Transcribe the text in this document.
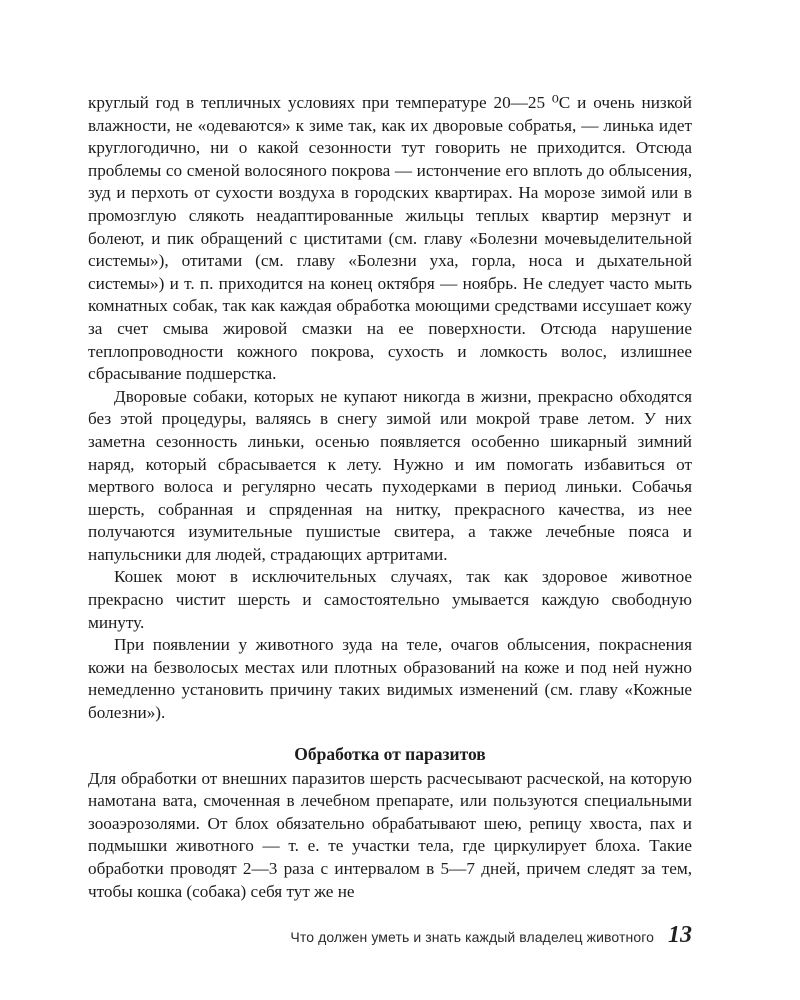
круглый год в тепличных условиях при температуре 20—25 ⁰С и очень низкой влажности, не «одеваются» к зиме так, как их дворовые собратья, — линька идет круглогодично, ни о какой сезонности тут говорить не приходится. Отсюда проблемы со сменой волосяного покрова — истончение его вплоть до облысения, зуд и перхоть от сухости воздуха в городских квартирах. На морозе зимой или в промозглую слякоть неадаптированные жильцы теплых квартир мерзнут и болеют, и пик обращений с циститами (см. главу «Болезни мочевыделительной системы»), отитами (см. главу «Болезни уха, горла, носа и дыхательной системы») и т. п. приходится на конец октября — ноябрь. Не следует часто мыть комнатных собак, так как каждая обработка моющими средствами иссушает кожу за счет смыва жировой смазки на ее поверхности. Отсюда нарушение теплопроводности кожного покрова, сухость и ломкость волос, излишнее сбрасывание подшерстка.

Дворовые собаки, которых не купают никогда в жизни, прекрасно обходятся без этой процедуры, валяясь в снегу зимой или мокрой траве летом. У них заметна сезонность линьки, осенью появляется особенно шикарный зимний наряд, который сбрасывается к лету. Нужно и им помогать избавиться от мертвого волоса и регулярно чесать пуходерками в период линьки. Собачья шерсть, собранная и спряденная на нитку, прекрасного качества, из нее получаются изумительные пушистые свитера, а также лечебные пояса и напульсники для людей, страдающих артритами.

Кошек моют в исключительных случаях, так как здоровое животное прекрасно чистит шерсть и самостоятельно умывается каждую свободную минуту.

При появлении у животного зуда на теле, очагов облысения, покраснения кожи на безволосых местах или плотных образований на коже и под ней нужно немедленно установить причину таких видимых изменений (см. главу «Кожные болезни»).

Обработка от паразитов

Для обработки от внешних паразитов шерсть расчесывают расческой, на которую намотана вата, смоченная в лечебном препарате, или пользуются специальными зооаэрозолями. От блох обязательно обрабатывают шею, репицу хвоста, пах и подмышки животного — т. е. те участки тела, где циркулирует блоха. Такие обработки проводят 2—3 раза с интервалом в 5—7 дней, причем следят за тем, чтобы кошка (собака) себя тут же не

Что должен уметь и знать каждый владелец животного 13
